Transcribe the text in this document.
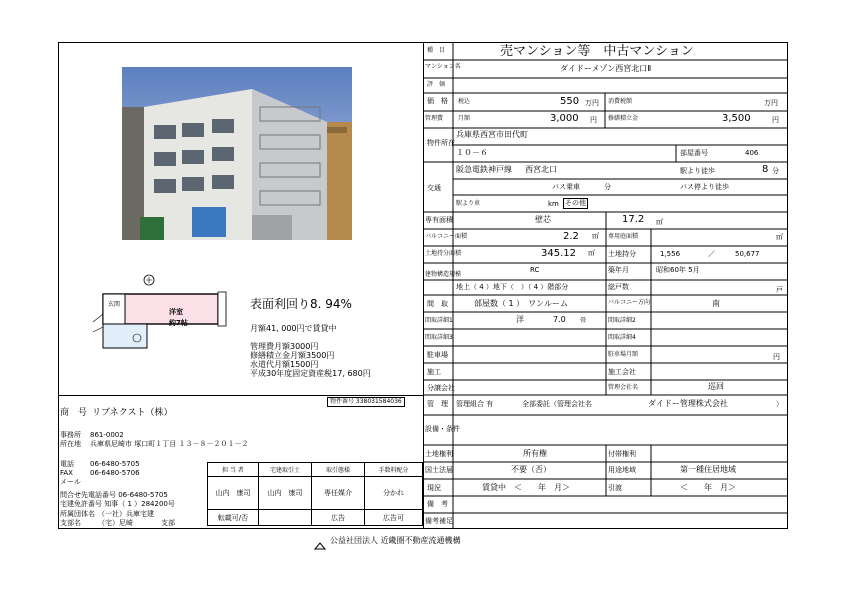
洋室
約7帖
玄関	表面利回り8. 94%
月額41, 000円で賃貸中
管理費月額3000円
修繕積立金月額3500円
水道代月額1500円
平成30年度固定資産税17, 680円
物件番号 338031584036
商　号 リブネクスト（株）
事務所 861-0002
所在地 兵庫県尼崎市 塚口町１丁目 １３－８－２０１－２
電話 06-6480-5705
FAX 06-6480-5706
メール
問合せ先電話番号 06-6480-5705
宅建免許番号 知事（ 1 ）284200号
所属団体名 （一社）兵庫宅建
支部名 （宅）尼崎　　　　支部
担 当 者	宅建取引士	取引態様	手数料配分
山内　康司	山内　康司	専任媒介	分かれ
転載可/否		広告	広告可
種　目	売マンション等　中古マンション
マンション名	ダイドーメゾン西宮北口Ⅱ
評　価
価　格 税込	550 万円 消費税額	万円
管理費 月額	3,000 円 修繕積立金	3,500	円
物件所在
兵庫県西宮市田代町
１０－６	部屋番号	406
交通
阪急電鉄神戸線 西宮北口	駅より徒歩	8 分
バス乗車	分	バス停より徒歩
駅より車	km その他
専有面積	壁芯	17.2 ㎡
バルコニー面積	2.2 ㎡ 専用庭面積	㎡
土地持分面積	345.12 ㎡ 土地持分	1,556	／	50,677
建物構造規模
RC
地上（ 4 ）地下（　）（ 4 ）階部分
築年月	昭和60年 5月
総戸数	戸
間　取	部屋数（ 1 ）　ワンルーム	バルコニー方向	南
間取詳細1	洋	7.0 畳	間取詳細2
間取詳細3	間取詳細4
駐車場	駐車場月額	円
施工	施工会社
分譲会社	管理会社名	巡回
管　理 管理組合 有	全部委託（管理会社名	ダイドー管理株式会社	）
設備・条件
土地権利	所有権	付帯権利
国土法届	不要（否）	用途地域	第一種住居地域
現況	賃貸中　＜　　年　月＞	引渡	＜　　年　月＞
備　考
備考補足
公益社団法人 近畿圏不動産流通機構
